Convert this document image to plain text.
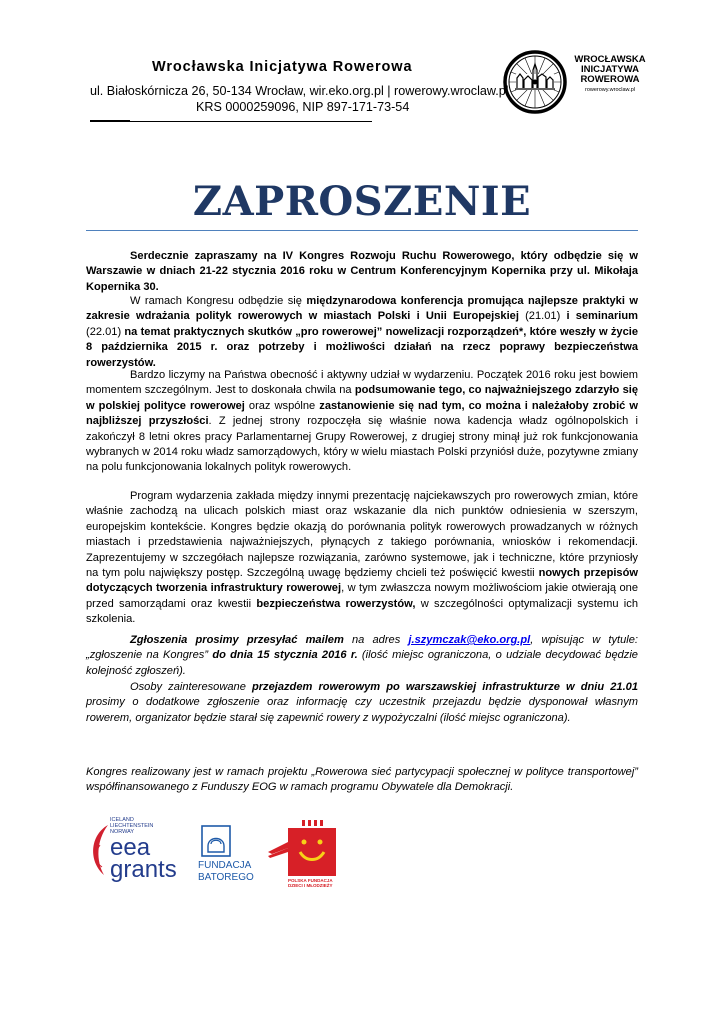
Wrocławska Inicjatywa Rowerowa
ul. Białoskórnicza 26, 50-134 Wrocław, wir.eko.org.pl | rowerowy.wroclaw.pl
KRS 0000259096, NIP 897-171-73-54
WROCŁAWSKA
INICJATYWA
ROWEROWA
rowerowy.wroclaw.pl
ZAPROSZENIE

Serdecznie zapraszamy na IV Kongres Rozwoju Ruchu Rowerowego, który odbędzie się w Warszawie w dniach 21-22 stycznia 2016 roku w Centrum Konferencyjnym Kopernika przy ul. Mikołaja Kopernika 30.

W ramach Kongresu odbędzie się międzynarodowa konferencja promująca najlepsze praktyki w zakresie wdrażania polityk rowerowych w miastach Polski i Unii Europejskiej (21.01) i seminarium (22.01) na temat praktycznych skutków „pro rowerowej” nowelizacji rozporządzeń*, które weszły w życie 8 października 2015 r. oraz potrzeby i możliwości działań na rzecz poprawy bezpieczeństwa rowerzystów.

Bardzo liczymy na Państwa obecność i aktywny udział w wydarzeniu. Początek 2016 roku jest bowiem momentem szczególnym. Jest to doskonała chwila na podsumowanie tego, co najważniejszego zdarzyło się w polskiej polityce rowerowej oraz wspólne zastanowienie się nad tym, co można i należałoby zrobić w najbliższej przyszłości. Z jednej strony rozpoczęła się właśnie nowa kadencja władz ogólnopolskich i zakończył 8 letni okres pracy Parlamentarnej Grupy Rowerowej, z drugiej strony minął już rok funkcjonowania wybranych w 2014 roku władz samorządowych, który w wielu miastach Polski przyniósł duże, pozytywne zmiany na polu funkcjonowania lokalnych polityk rowerowych.

Program wydarzenia zakłada między innymi prezentację najciekawszych pro rowerowych zmian, które właśnie zachodzą na ulicach polskich miast oraz wskazanie dla nich punktów odniesienia w szerszym, europejskim kontekście. Kongres będzie okazją do porównania polityk rowerowych prowadzanych w różnych miastach i przedstawienia najważniejszych, płynących z takiego porównania, wniosków i rekomendacji. Zaprezentujemy w szczegółach najlepsze rozwiązania, zarówno systemowe, jak i techniczne, które przyniosły na tym polu największy postęp. Szczególną uwagę będziemy chcieli też poświęcić kwestii nowych przepisów dotyczących tworzenia infrastruktury rowerowej, w tym zwłaszcza nowym możliwościom jakie otwierają one przed samorządami oraz kwestii bezpieczeństwa rowerzystów, w szczególności optymalizacji systemu ich szkolenia.

Zgłoszenia prosimy przesyłać mailem na adres j.szymczak@eko.org.pl, wpisując w tytule: „zgłoszenie na Kongres” do dnia 15 stycznia 2016 r. (ilość miejsc ograniczona, o udziale decydować będzie kolejność zgłoszeń).

Osoby zainteresowane przejazdem rowerowym po warszawskiej infrastrukturze w dniu 21.01 prosimy o dodatkowe zgłoszenie oraz informację czy uczestnik przejazdu będzie dysponował własnym rowerem, organizator będzie starał się zapewnić rowery z wypożyczalni (ilość miejsc ograniczona).

Kongres realizowany jest w ramach projektu „Rowerowa sieć partycypacji społecznej w polityce transportowej” współfinansowanego z Funduszy EOG w ramach programu Obywatele dla Demokracji.

ICELAND
LIECHTENSTEIN
NORWAY
eea
grants FUNDACJA
BATOREGO	POLSKA FUNDACJA
DZIECI I MŁODZIEŻY
